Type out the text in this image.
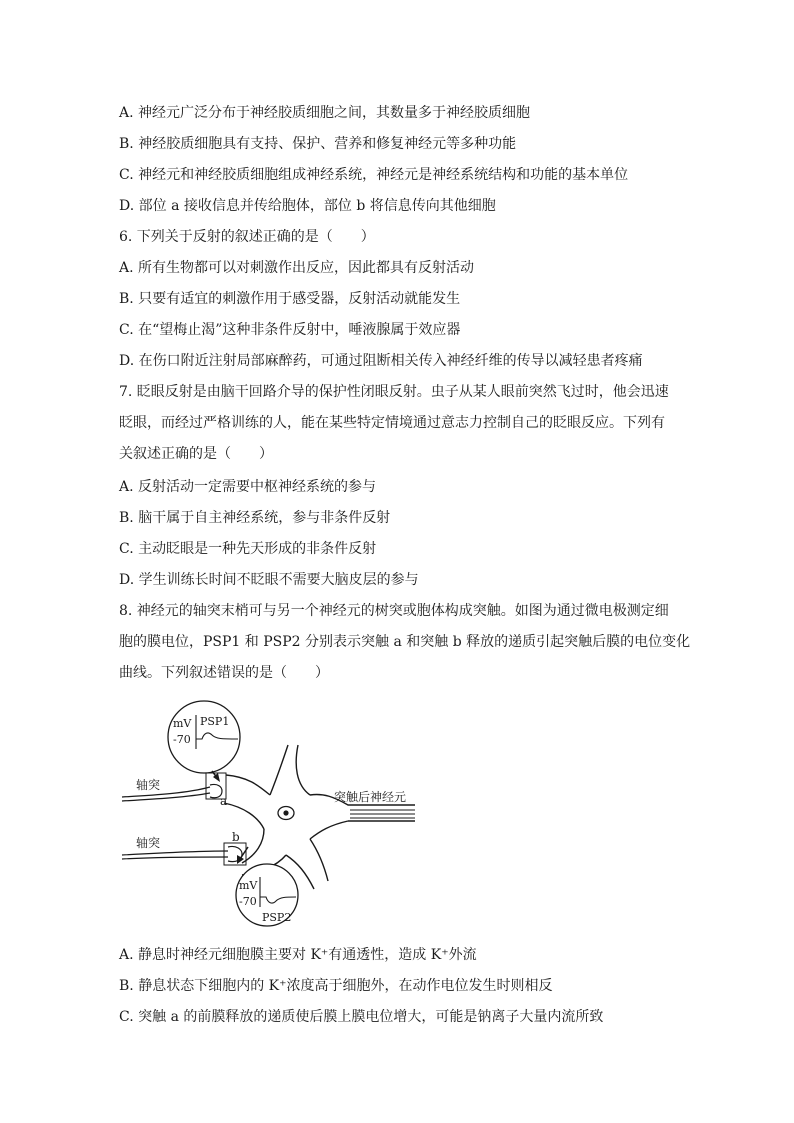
A. 神经元广泛分布于神经胶质细胞之间，其数量多于神经胶质细胞
B. 神经胶质细胞具有支持、保护、营养和修复神经元等多种功能
C. 神经元和神经胶质细胞组成神经系统，神经元是神经系统结构和功能的基本单位
D. 部位 a 接收信息并传给胞体，部位 b 将信息传向其他细胞
6. 下列关于反射的叙述正确的是（　　）
A. 所有生物都可以对刺激作出反应，因此都具有反射活动
B. 只要有适宜的刺激作用于感受器，反射活动就能发生
C. 在“望梅止渴”这种非条件反射中，唾液腺属于效应器
D. 在伤口附近注射局部麻醉药，可通过阻断相关传入神经纤维的传导以减轻患者疼痛
7. 眨眼反射是由脑干回路介导的保护性闭眼反射。虫子从某人眼前突然飞过时，他会迅速
眨眼，而经过严格训练的人，能在某些特定情境通过意志力控制自己的眨眼反应。下列有
关叙述正确的是（　　）
A. 反射活动一定需要中枢神经系统的参与
B. 脑干属于自主神经系统，参与非条件反射
C. 主动眨眼是一种先天形成的非条件反射
D. 学生训练长时间不眨眼不需要大脑皮层的参与
8. 神经元的轴突末梢可与另一个神经元的树突或胞体构成突触。如图为通过微电极测定细
胞的膜电位，PSP1 和 PSP2 分别表示突触 a 和突触 b 释放的递质引起突触后膜的电位变化
曲线。下列叙述错误的是（　　）
mV
-70
PSP1
mV
-70
PSP2
轴突
轴突
a
b
突触后神经元
A. 静息时神经元细胞膜主要对 K⁺有通透性，造成 K⁺外流
B. 静息状态下细胞内的 K⁺浓度高于细胞外，在动作电位发生时则相反
C. 突触 a 的前膜释放的递质使后膜上膜电位增大，可能是钠离子大量内流所致
